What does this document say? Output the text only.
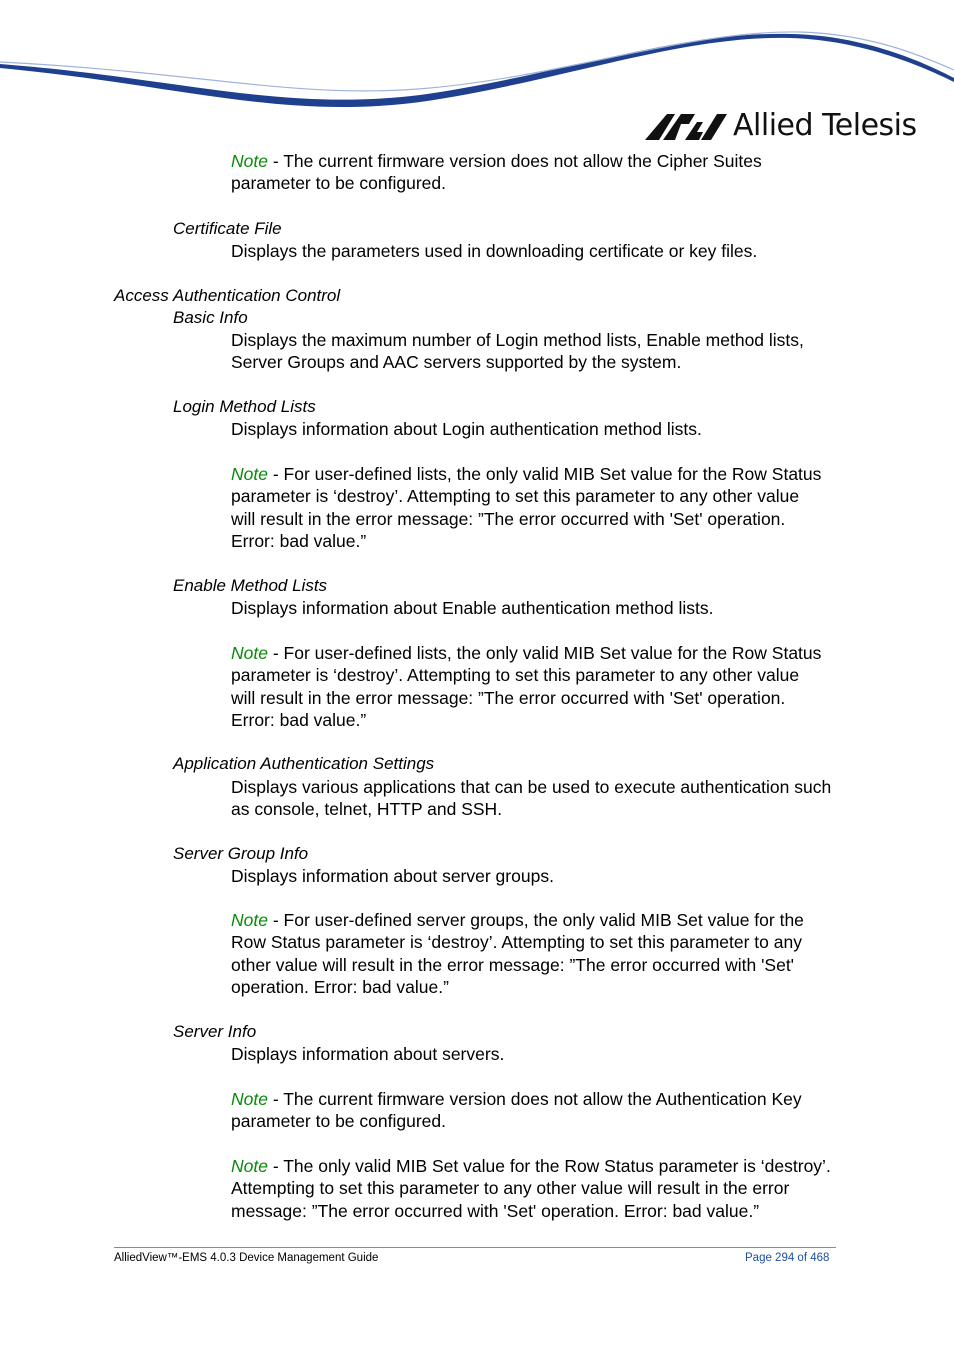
Allied Telesis
Note - The current firmware version does not allow the Cipher Suites
parameter to be configured.
Certificate File
Displays the parameters used in downloading certificate or key files.
Access Authentication Control
Basic Info
Displays the maximum number of Login method lists, Enable method lists,
Server Groups and AAC servers supported by the system.
Login Method Lists
Displays information about Login authentication method lists.
Note - For user-defined lists, the only valid MIB Set value for the Row Status
parameter is ‘destroy’. Attempting to set this parameter to any other value
will result in the error message: ”The error occurred with 'Set' operation.
Error: bad value.”
Enable Method Lists
Displays information about Enable authentication method lists.
Note - For user-defined lists, the only valid MIB Set value for the Row Status
parameter is ‘destroy’. Attempting to set this parameter to any other value
will result in the error message: ”The error occurred with 'Set' operation.
Error: bad value.”
Application Authentication Settings
Displays various applications that can be used to execute authentication such
as console, telnet, HTTP and SSH.
Server Group Info
Displays information about server groups.
Note - For user-defined server groups, the only valid MIB Set value for the
Row Status parameter is ‘destroy’. Attempting to set this parameter to any
other value will result in the error message: ”The error occurred with 'Set'
operation. Error: bad value.”
Server Info
Displays information about servers.
Note - The current firmware version does not allow the Authentication Key
parameter to be configured.
Note - The only valid MIB Set value for the Row Status parameter is ‘destroy’.
Attempting to set this parameter to any other value will result in the error
message: ”The error occurred with 'Set' operation. Error: bad value.”
AlliedView™-EMS 4.0.3 Device Management Guide	Page 294 of 468
